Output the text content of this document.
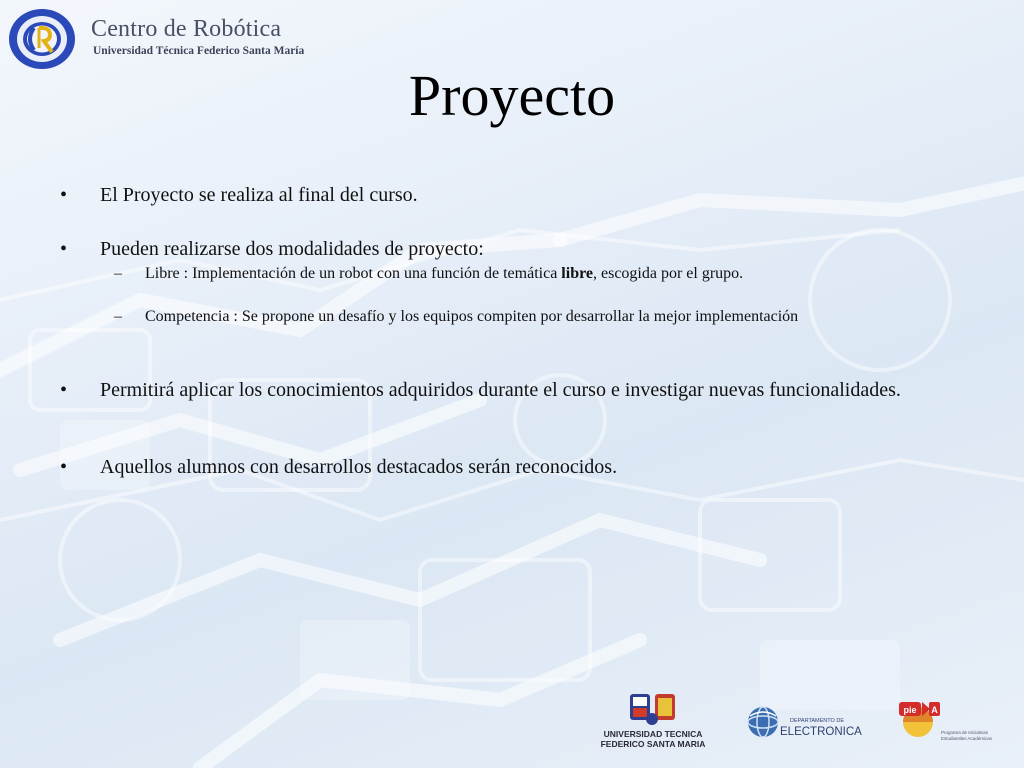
Centro de Robótica
Universidad Técnica Federico Santa María
Proyecto
• El Proyecto se realiza al final del curso.
• Pueden realizarse dos modalidades de proyecto:
– Libre : Implementación de un robot con una función de temática libre, escogida por el grupo.
– Competencia : Se propone un desafío y los equipos compiten por desarrollar la mejor implementación
• Permitirá aplicar los conocimientos adquiridos durante el curso e investigar nuevas funcionalidades.
• Aquellos alumnos con desarrollos destacados serán reconocidos.
UNIVERSIDAD TECNICA
FEDERICO SANTA MARIA
DEPARTAMENTO DE
ELECTRONICA
pie A
Programa de Iniciativas
Estudiantiles Académicas
